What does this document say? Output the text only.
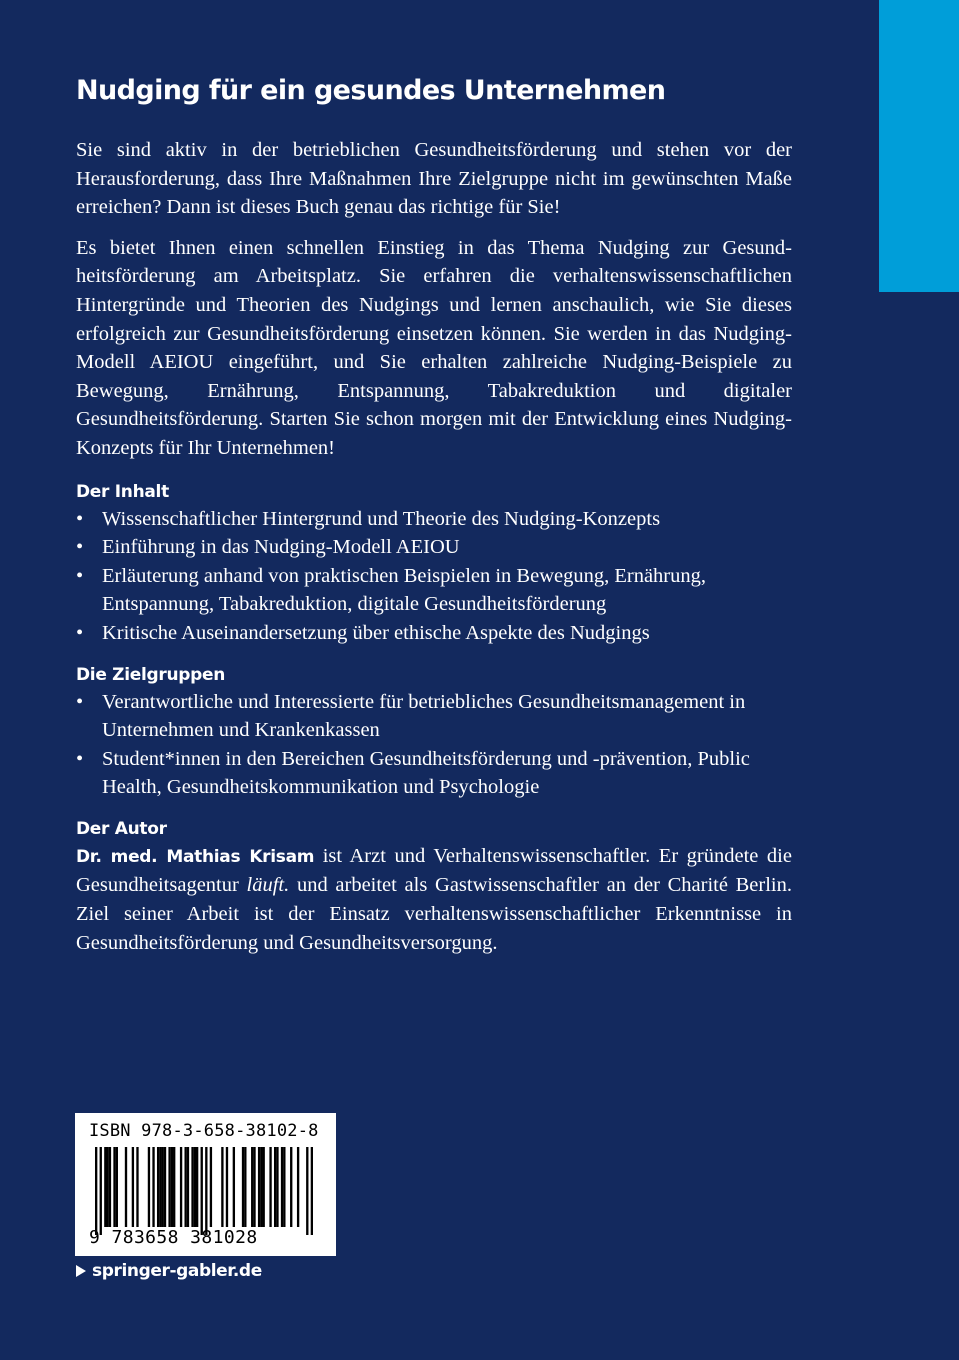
Nudging für ein gesundes Unternehmen

Sie sind aktiv in der betrieblichen Gesundheitsförderung und stehen vor der Herausforderung, dass Ihre Maßnahmen Ihre Zielgruppe nicht im gewünschten Maße erreichen? Dann ist dieses Buch genau das richtige für Sie!

Es bietet Ihnen einen schnellen Einstieg in das Thema Nudging zur Gesundheitsförderung am Arbeitsplatz. Sie erfahren die verhaltenswissenschaftlichen Hintergründe und Theorien des Nudgings und lernen anschaulich, wie Sie dieses erfolgreich zur Gesundheitsförderung einsetzen können. Sie werden in das Nudging-Modell AEIOU eingeführt, und Sie erhalten zahlreiche Nudging-Beispiele zu Bewegung, Ernährung, Entspannung, Tabakreduktion und digitaler Gesundheitsförderung. Starten Sie schon morgen mit der Entwicklung eines Nudging-Konzepts für Ihr Unternehmen!

Der Inhalt
• Wissenschaftlicher Hintergrund und Theorie des Nudging-Konzepts
• Einführung in das Nudging-Modell AEIOU
• Erläuterung anhand von praktischen Beispielen in Bewegung, Ernährung, Entspannung, Tabakreduktion, digitale Gesundheitsförderung
• Kritische Auseinandersetzung über ethische Aspekte des Nudgings
Die Zielgruppen
• Verantwortliche und Interessierte für betriebliches Gesundheitsmanagement in Unternehmen und Krankenkassen
• Student*innen in den Bereichen Gesundheitsförderung und -prävention, Public Health, Gesundheitskommunikation und Psychologie
Der Autor

Dr. med. Mathias Krisam ist Arzt und Verhaltenswissenschaftler. Er gründete die Gesundheitsagentur läuft. und arbeitet als Gastwissenschaftler an der Charité Berlin. Ziel seiner Arbeit ist der Einsatz verhaltenswissenschaftlicher Erkenntnisse in Gesundheitsförderung und Gesundheitsversorgung.

ISBN 978-3-658-38102-8
9 783658 381028
springer-gabler.de
